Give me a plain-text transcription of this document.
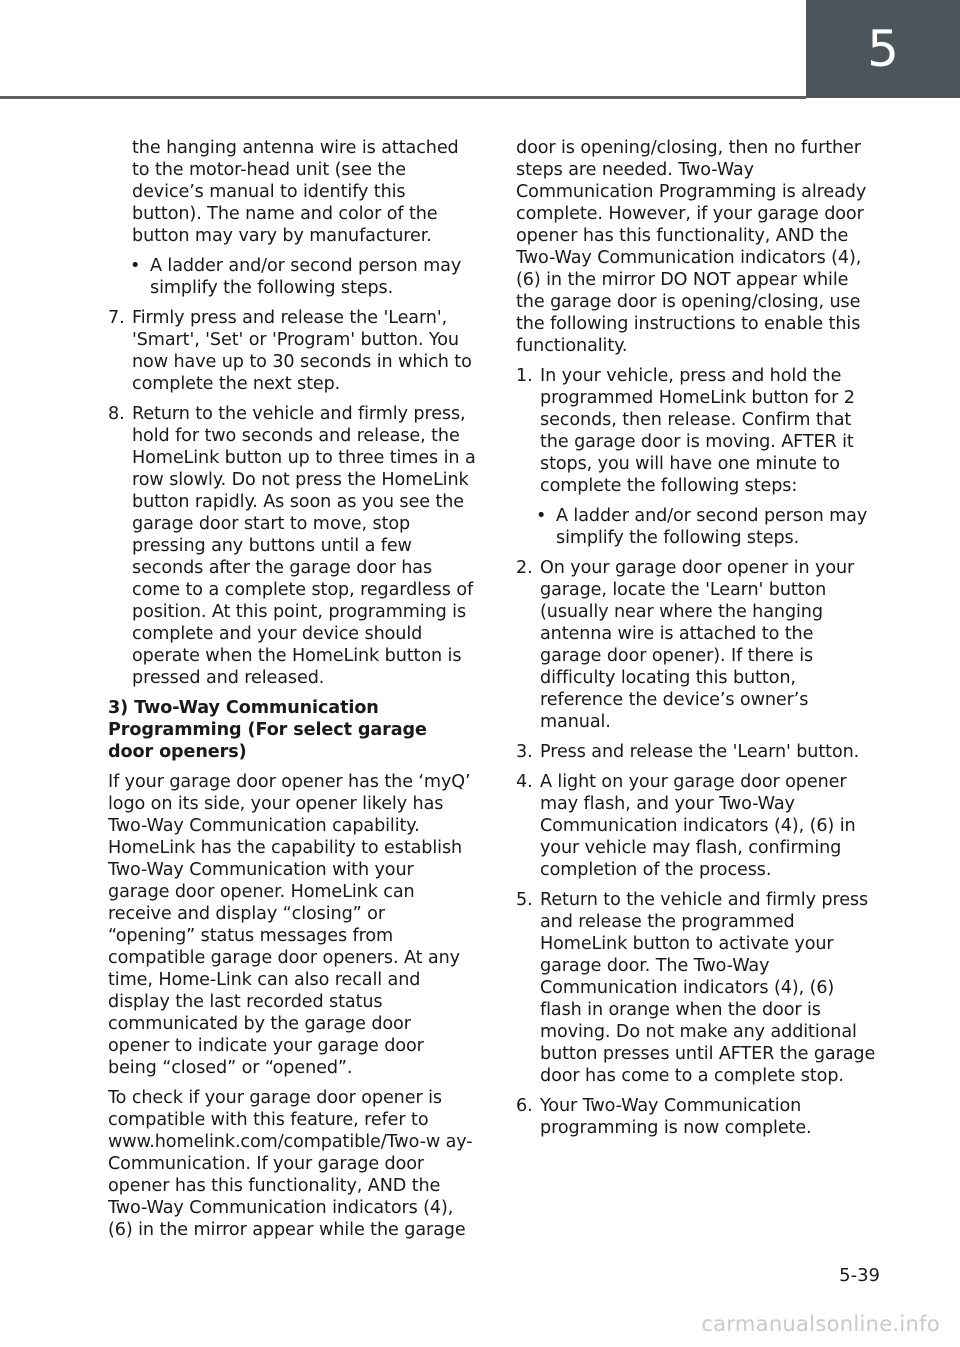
5

the hanging antenna wire is attached to the motor-head unit (see the device’s manual to identify this button). The name and color of the button may vary by manufacturer.

• A ladder and/or second person may simplify the following steps.
7. Firmly press and release the 'Learn', 'Smart', 'Set' or 'Program' button. You now have up to 30 seconds in which to complete the next step.
8. Return to the vehicle and firmly press, hold for two seconds and release, the HomeLink button up to three times in a row slowly. Do not press the HomeLink button rapidly. As soon as you see the garage door start to move, stop pressing any buttons until a few seconds after the garage door has come to a complete stop, regardless of position. At this point, programming is complete and your device should operate when the HomeLink button is pressed and released.

3) Two-Way Communication Programming (For select garage door openers)

If your garage door opener has the ‘myQ’ logo on its side, your opener likely has Two-Way Communication capability. HomeLink has the capability to establish Two-Way Communication with your garage door opener. HomeLink can receive and display “closing” or “opening” status messages from compatible garage door openers. At any time, Home-Link can also recall and display the last recorded status communicated by the garage door opener to indicate your garage door being “closed” or “opened”.

To check if your garage door opener is compatible with this feature, refer to www.homelink.com/compatible/Two-w ay-Communication. If your garage door opener has this functionality, AND the Two-Way Communication indicators (4), (6) in the mirror appear while the garage

door is opening/closing, then no further steps are needed. Two-Way Communication Programming is already complete. However, if your garage door opener has this functionality, AND the Two-Way Communication indicators (4), (6) in the mirror DO NOT appear while the garage door is opening/closing, use the following instructions to enable this functionality.

1. In your vehicle, press and hold the programmed HomeLink button for 2 seconds, then release. Confirm that the garage door is moving. AFTER it stops, you will have one minute to complete the following steps:
• A ladder and/or second person may simplify the following steps.
2. On your garage door opener in your garage, locate the 'Learn' button (usually near where the hanging antenna wire is attached to the garage door opener). If there is difficulty locating this button, reference the device’s owner’s manual.
3. Press and release the 'Learn' button.
4. A light on your garage door opener may flash, and your Two-Way Communication indicators (4), (6) in your vehicle may flash, confirming completion of the process.
5. Return to the vehicle and firmly press and release the programmed HomeLink button to activate your garage door. The Two-Way Communication indicators (4), (6) flash in orange when the door is moving. Do not make any additional button presses until AFTER the garage door has come to a complete stop.
6. Your Two-Way Communication programming is now complete.
5-39
carmanualsonline.info
